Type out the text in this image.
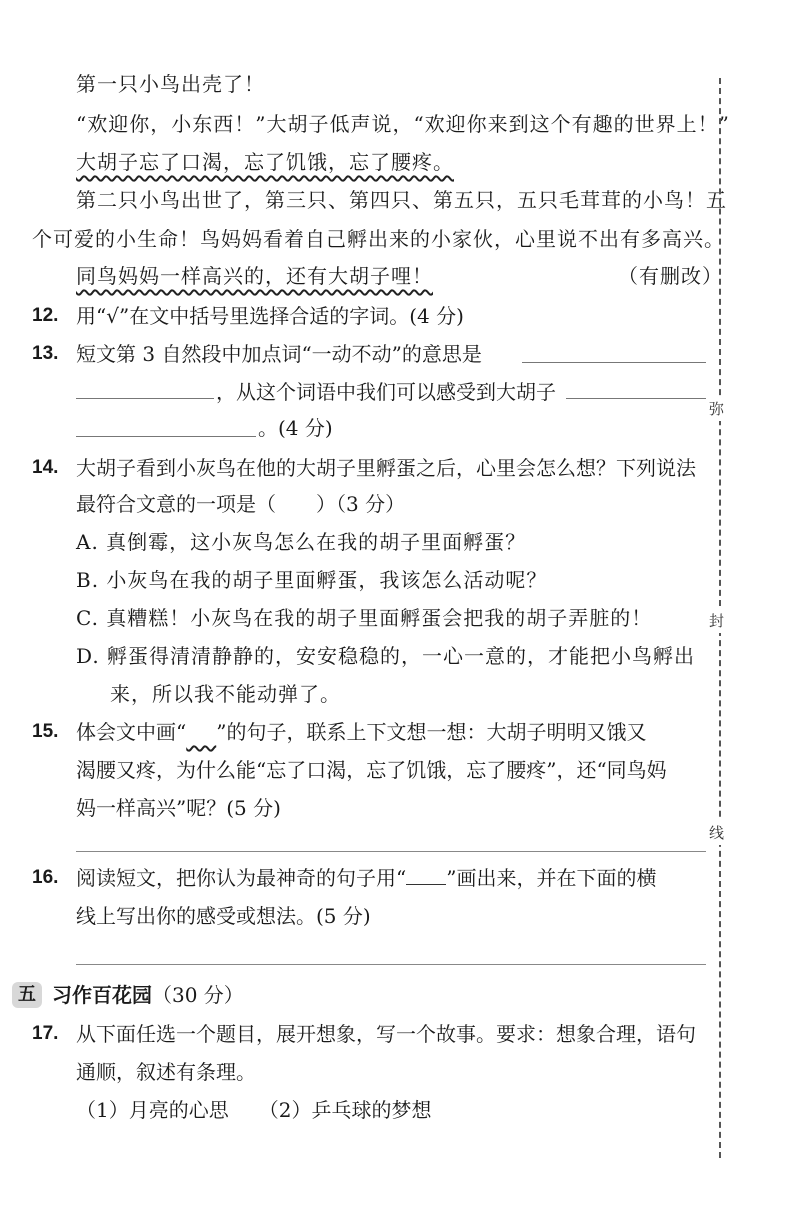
第一只小鸟出壳了！
“欢迎你，小东西！”大胡子低声说，“欢迎你来到这个有趣的世界上！”
大胡子忘了口渴，忘了饥饿，忘了腰疼。
第二只小鸟出世了，第三只、第四只、第五只，五只毛茸茸的小鸟！五
个可爱的小生命！鸟妈妈看着自己孵出来的小家伙，心里说不出有多高兴。
同鸟妈妈一样高兴的，还有大胡子哩！	（有删改）
12. 用“√”在文中括号里选择合适的字词。(4 分)
13. 短文第 3 自然段中加点词“一动不动”的意思是
，从这个词语中我们可以感受到大胡子
。(4 分)
14. 大胡子看到小灰鸟在他的大胡子里孵蛋之后，心里会怎么想？下列说法
最符合文意的一项是（　　）（3 分）
A. 真倒霉，这小灰鸟怎么在我的胡子里面孵蛋？
B. 小灰鸟在我的胡子里面孵蛋，我该怎么活动呢？
C. 真糟糕！小灰鸟在我的胡子里面孵蛋会把我的胡子弄脏的！
D. 孵蛋得清清静静的，安安稳稳的，一心一意的，才能把小鸟孵出
来，所以我不能动弹了。
15. 体会文中画“   ”的句子，联系上下文想一想：大胡子明明又饿又
渴腰又疼，为什么能“忘了口渴，忘了饥饿，忘了腰疼”，还“同鸟妈
妈一样高兴”呢？(5 分)
16. 阅读短文，把你认为最神奇的句子用“ ”画出来，并在下面的横
线上写出你的感受或想法。(5 分)
五 习作百花园（30 分）
17. 从下面任选一个题目，展开想象，写一个故事。要求：想象合理，语句
通顺，叙述有条理。
（1）月亮的心思　　（2）乒乓球的梦想
弥
封
线
